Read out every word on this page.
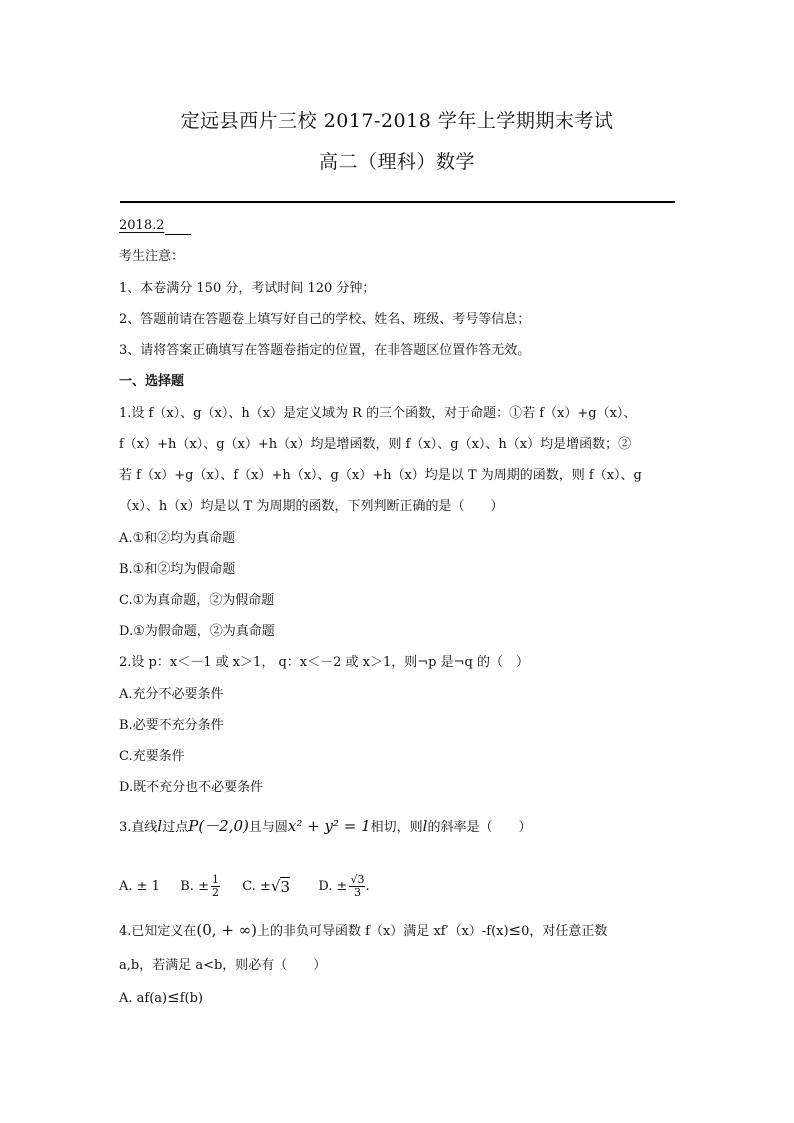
定远县西片三校 2017-2018 学年上学期期末考试
高二（理科）数学
2018.2
考生注意：
1、本卷满分 150 分，考试时间 120 分钟；
2、答题前请在答题卷上填写好自己的学校、姓名、班级、考号等信息；
3、请将答案正确填写在答题卷指定的位置，在非答题区位置作答无效。
一、选择题
1.设 f（x）、g（x）、h（x）是定义域为 R 的三个函数，对于命题：①若 f（x）+g（x）、
f（x）+h（x）、g（x）+h（x）均是增函数，则 f（x）、g（x）、h（x）均是增函数；②
若 f（x）+g（x）、f（x）+h（x）、g（x）+h（x）均是以 T 为周期的函数，则 f（x）、g
（x）、h（x）均是以 T 为周期的函数，下列判断正确的是（　　）
A.①和②均为真命题
B.①和②均为假命题
C.①为真命题，②为假命题
D.①为假命题，②为真命题
2.设 p：x＜－1 或 x＞1， q：x＜－2 或 x＞1，则¬p 是¬q 的（　）
A.充分不必要条件
B.必要不充分条件
C.充要条件
D.既不充分也不必要条件
3.直线l过点P(－2,0)且与圆x² + y² = 1相切，则l的斜率是（　　）
A. ± 1 B. ± $\frac{1}{2} C$. ±√3 D. ± $\frac{√3}{3}$ .
4.已知定义在(0, + ∞)上的非负可导函数 f（x）满足 xf′（x）-f(x)≤0，对任意正数
a,b，若满足 a<b，则必有（　　）
A. af(a)≤f(b)
